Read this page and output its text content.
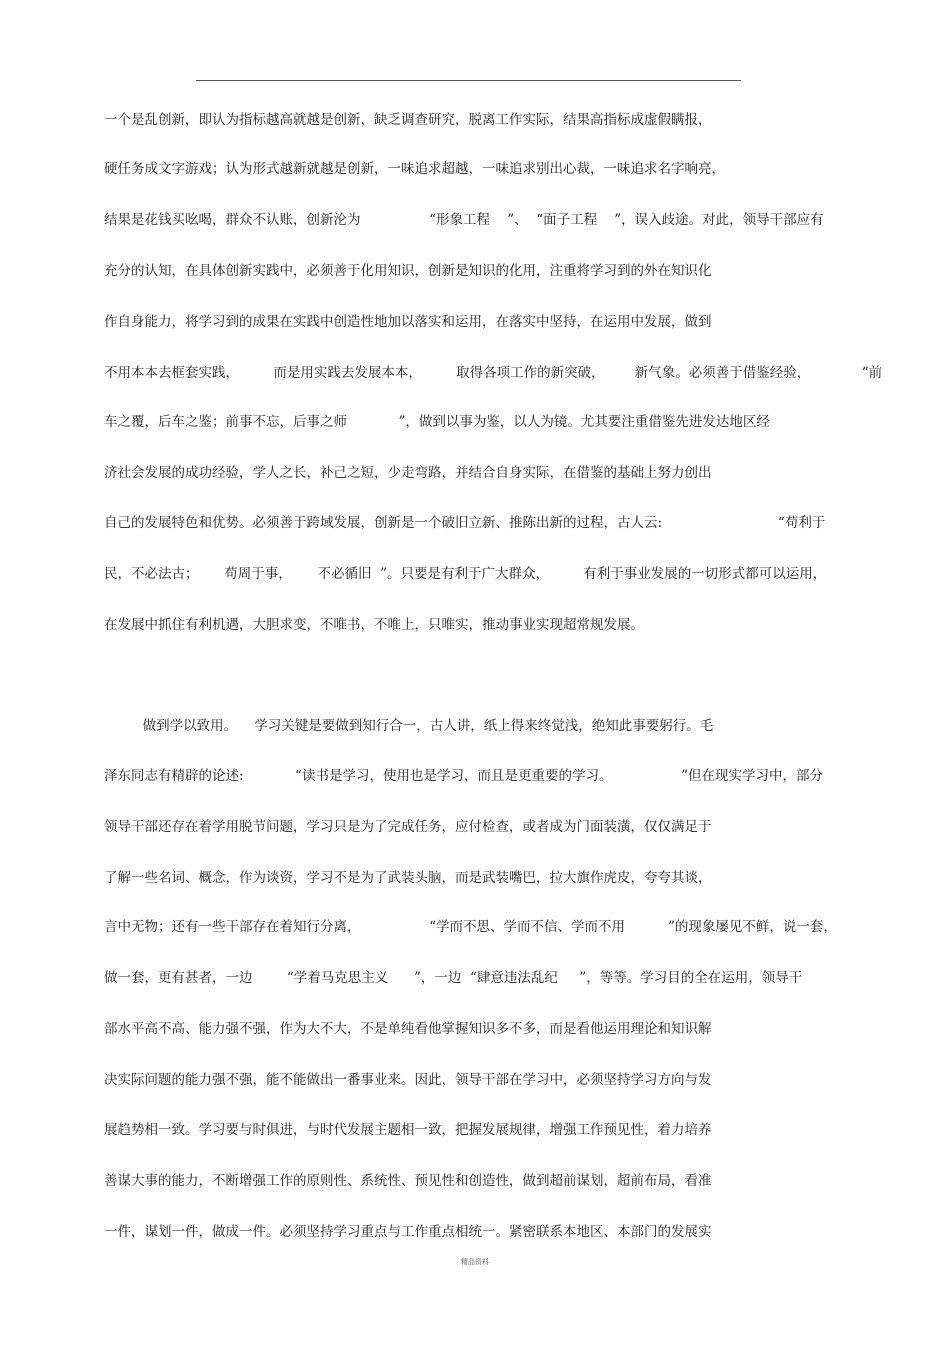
一个是乱创新，即认为指标越高就越是创新，缺乏调查研究，脱离工作实际，结果高指标成虚假瞒报，
硬任务成文字游戏；认为形式越新就越是创新，一味追求超越，一味追求别出心裁，一味追求名字响亮，
结果是花钱买吆喝，群众不认账，创新沦为                “形象工程    ”、  “面子工程    ”，误入歧途。对此，领导干部应有
充分的认知，在具体创新实践中，必须善于化用知识，创新是知识的化用，注重将学习到的外在知识化
作自身能力，将学习到的成果在实践中创造性地加以落实和运用，在落实中坚持，在运用中发展，做到
不用本本去框套实践，        而是用实践去发展本本，        取得各项工作的新突破，       新气象。必须善于借鉴经验，            “前
车之覆，后车之鉴；前事不忘，后事之师            ”，做到以事为鉴，以人为镜。尤其要注重借鉴先进发达地区经
济社会发展的成功经验，学人之长，补己之短，少走弯路，并结合自身实际，在借鉴的基础上努力创出
自己的发展特色和优势。必须善于跨域发展，创新是一个破旧立新、推陈出新的过程，古人云:                           “苟利于
民，不必法古；      苟周于事，      不必循旧  ”。只要是有利于广大群众，        有利于事业发展的一切形式都可以运用，
在发展中抓住有利机遇，大胆求变，不唯书，不唯上，只唯实，推动事业实现超常规发展。
做到学以致用。    学习关键是要做到知行合一，古人讲，纸上得来终觉浅，绝知此事要躬行。毛
泽东同志有精辟的论述:            “读书是学习，使用也是学习，而且是更重要的学习。                ”但在现实学习中，部分
领导干部还存在着学用脱节问题，学习只是为了完成任务，应付检查，或者成为门面装潢，仅仅满足于
了解一些名词、概念，作为谈资，学习不是为了武装头脑，而是武装嘴巴，拉大旗作虎皮，夸夸其谈，
言中无物；还有一些干部存在着知行分离，                “学而不思、学而不信、学而不用          ”的现象屡见不鲜，说一套，
做一套，更有甚者，一边        “学着马克思主义      ”，一边  “肆意违法乱纪     ”，等等。学习目的全在运用，领导干
部水平高不高、能力强不强，作为大不大，不是单纯看他掌握知识多不多，而是看他运用理论和知识解
决实际问题的能力强不强，能不能做出一番事业来。因此，领导干部在学习中，必须坚持学习方向与发
展趋势相一致。学习要与时俱进，与时代发展主题相一致，把握发展规律，增强工作预见性，着力培养
善谋大事的能力，不断增强工作的原则性、系统性、预见性和创造性，做到超前谋划，超前布局，看准
一件，谋划一件，做成一件。必须坚持学习重点与工作重点相统一。紧密联系本地区、本部门的发展实
精品资料
